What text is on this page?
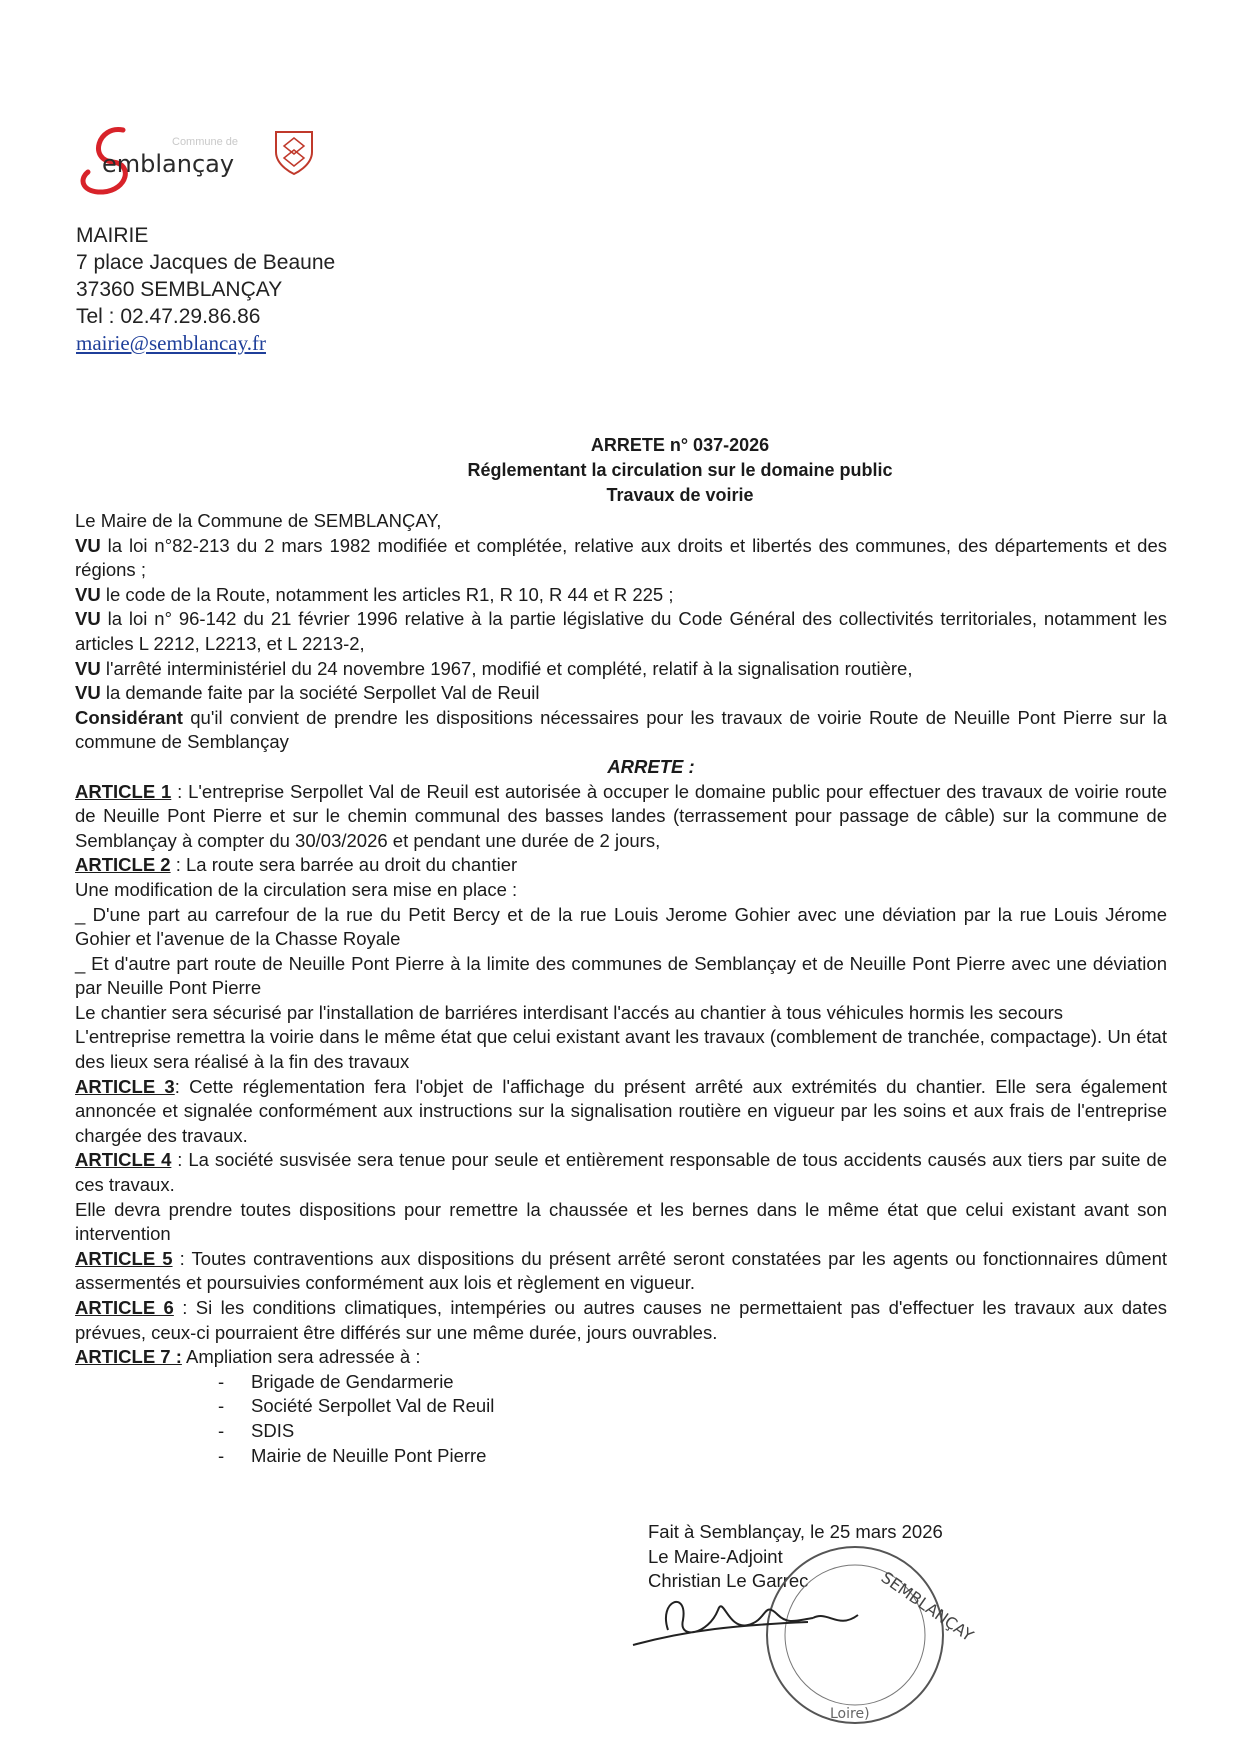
Commune de
emblançay
MAIRIE
7 place Jacques de Beaune
37360 SEMBLANÇAY
Tel : 02.47.29.86.86
mairie@semblancay.fr
ARRETE n° 037-2026
Réglementant la circulation sur le domaine public
Travaux de voirie
Le Maire de la Commune de SEMBLANÇAY,
VU la loi n°82-213 du 2 mars 1982 modifiée et complétée, relative aux droits et libertés des communes, des départements et des régions ;
VU le code de la Route, notamment les articles R1, R 10, R 44 et R 225 ;
VU la loi n° 96-142 du 21 février 1996 relative à la partie législative du Code Général des collectivités territoriales, notamment les articles L 2212, L2213, et L 2213-2,
VU l'arrêté interministériel du 24 novembre 1967, modifié et complété, relatif à la signalisation routière,
VU la demande faite par la société Serpollet Val de Reuil
Considérant qu'il convient de prendre les dispositions nécessaires pour les travaux de voirie Route de Neuille Pont Pierre sur la commune de Semblançay
ARRETE :
ARTICLE 1 : L'entreprise Serpollet Val de Reuil est autorisée à occuper le domaine public pour effectuer des travaux de voirie route de Neuille Pont Pierre et sur le chemin communal des basses landes (terrassement pour passage de câble) sur la commune de Semblançay à compter du 30/03/2026 et pendant une durée de 2 jours,
ARTICLE 2 : La route sera barrée au droit du chantier
Une modification de la circulation sera mise en place :
_ D'une part au carrefour de la rue du Petit Bercy et de la rue Louis Jerome Gohier avec une déviation par la rue Louis Jérome Gohier et l'avenue de la Chasse Royale
_ Et d'autre part route de Neuille Pont Pierre à la limite des communes de Semblançay et de Neuille Pont Pierre avec une déviation par Neuille Pont Pierre
Le chantier sera sécurisé par l'installation de barriéres interdisant l'accés au chantier à tous véhicules hormis les secours
L'entreprise remettra la voirie dans le même état que celui existant avant les travaux (comblement de tranchée, compactage). Un état des lieux sera réalisé à la fin des travaux
ARTICLE 3: Cette réglementation fera l'objet de l'affichage du présent arrêté aux extrémités du chantier. Elle sera également annoncée et signalée conformément aux instructions sur la signalisation routière en vigueur par les soins et aux frais de l'entreprise chargée des travaux.
ARTICLE 4 : La société susvisée sera tenue pour seule et entièrement responsable de tous accidents causés aux tiers par suite de ces travaux.
Elle devra prendre toutes dispositions pour remettre la chaussée et les bernes dans le même état que celui existant avant son intervention
ARTICLE 5 : Toutes contraventions aux dispositions du présent arrêté seront constatées par les agents ou fonctionnaires dûment assermentés et poursuivies conformément aux lois et règlement en vigueur.
ARTICLE 6 : Si les conditions climatiques, intempéries ou autres causes ne permettaient pas d'effectuer les travaux aux dates prévues, ceux-ci pourraient être différés sur une même durée, jours ouvrables.
ARTICLE 7 : Ampliation sera adressée à :
- Brigade de Gendarmerie
- Société Serpollet Val de Reuil
- SDIS
- Mairie de Neuille Pont Pierre
Fait à Semblançay, le 25 mars 2026
Le Maire-Adjoint
Christian Le Garrec	SEMBLANÇAY
Loire)
